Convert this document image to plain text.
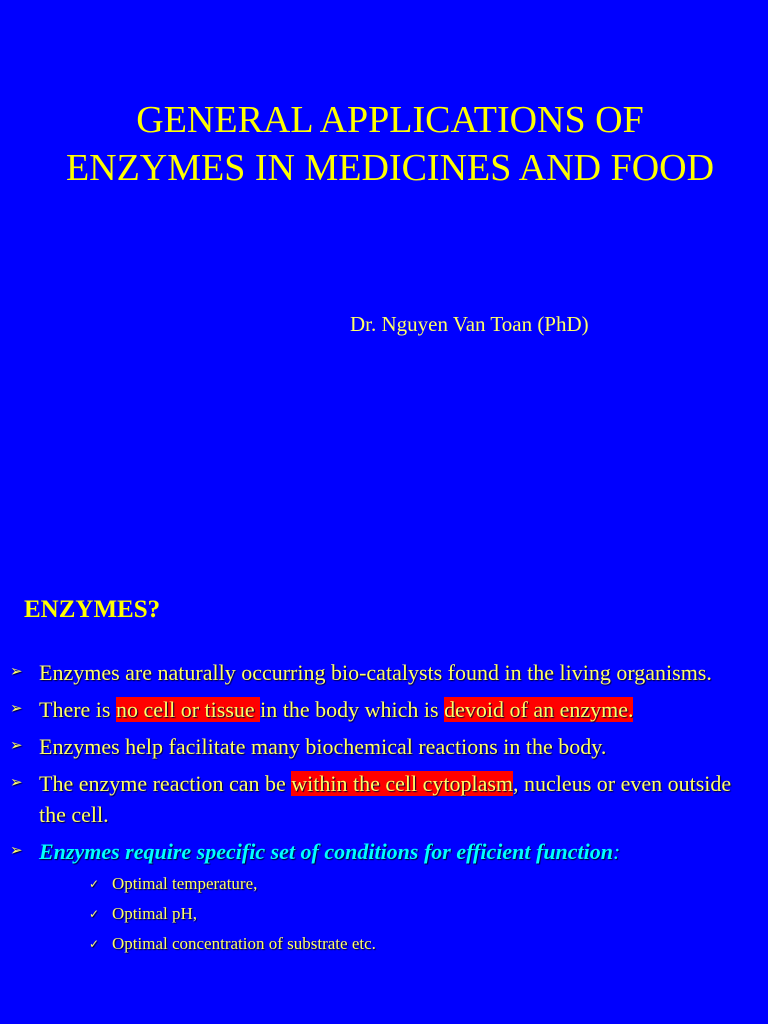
GENERAL APPLICATIONS OF
ENZYMES IN MEDICINES AND FOOD
Dr. Nguyen Van Toan (PhD)
ENZYMES?
➢ Enzymes are naturally occurring bio-catalysts found in the living organisms.
➢ There is no cell or tissue in the body which is devoid of an enzyme.
➢ Enzymes help facilitate many biochemical reactions in the body.
➢ The enzyme reaction can be within the cell cytoplasm, nucleus or even outside the cell.
➢ Enzymes require specific set of conditions for efficient function:
✓ Optimal temperature,
✓ Optimal pH,
✓ Optimal concentration of substrate etc.
